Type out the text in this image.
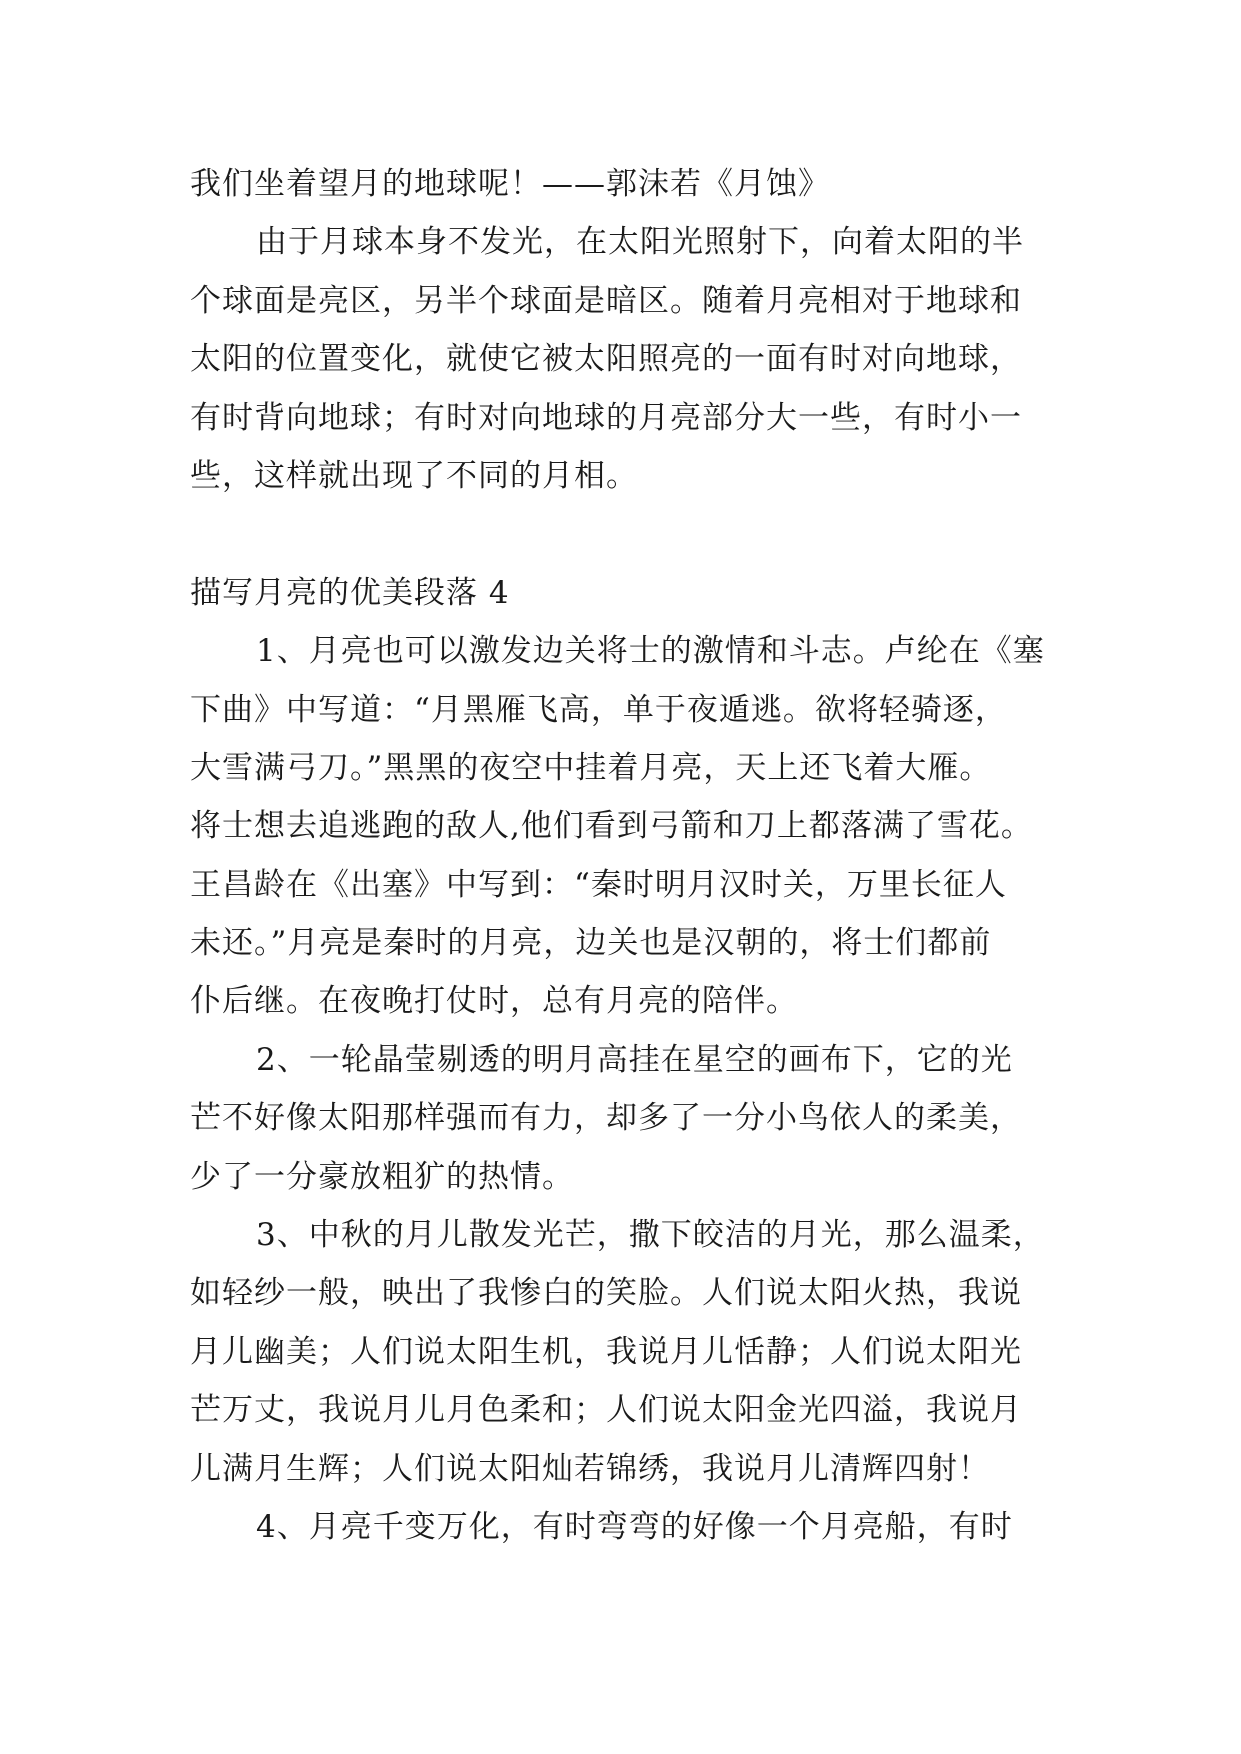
我们坐着望月的地球呢！——郭沫若《月蚀》
由于月球本身不发光，在太阳光照射下，向着太阳的半
个球面是亮区，另半个球面是暗区。随着月亮相对于地球和
太阳的位置变化，就使它被太阳照亮的一面有时对向地球，
有时背向地球；有时对向地球的月亮部分大一些，有时小一
些，这样就出现了不同的月相。
描写月亮的优美段落 4
1、月亮也可以激发边关将士的激情和斗志。卢纶在《塞
下曲》中写道：“月黑雁飞高，单于夜遁逃。欲将轻骑逐，
大雪满弓刀。”黑黑的夜空中挂着月亮，天上还飞着大雁。
将士想去追逃跑的敌人,他们看到弓箭和刀上都落满了雪花。
王昌龄在《出塞》中写到：“秦时明月汉时关，万里长征人
未还。”月亮是秦时的月亮，边关也是汉朝的，将士们都前
仆后继。在夜晚打仗时，总有月亮的陪伴。
2、一轮晶莹剔透的明月高挂在星空的画布下，它的光
芒不好像太阳那样强而有力，却多了一分小鸟依人的柔美，
少了一分豪放粗犷的热情。
3、中秋的月儿散发光芒，撒下皎洁的月光，那么温柔，
如轻纱一般，映出了我惨白的笑脸。人们说太阳火热，我说
月儿幽美；人们说太阳生机，我说月儿恬静；人们说太阳光
芒万丈，我说月儿月色柔和；人们说太阳金光四溢，我说月
儿满月生辉；人们说太阳灿若锦绣，我说月儿清辉四射！
4、月亮千变万化，有时弯弯的好像一个月亮船，有时
